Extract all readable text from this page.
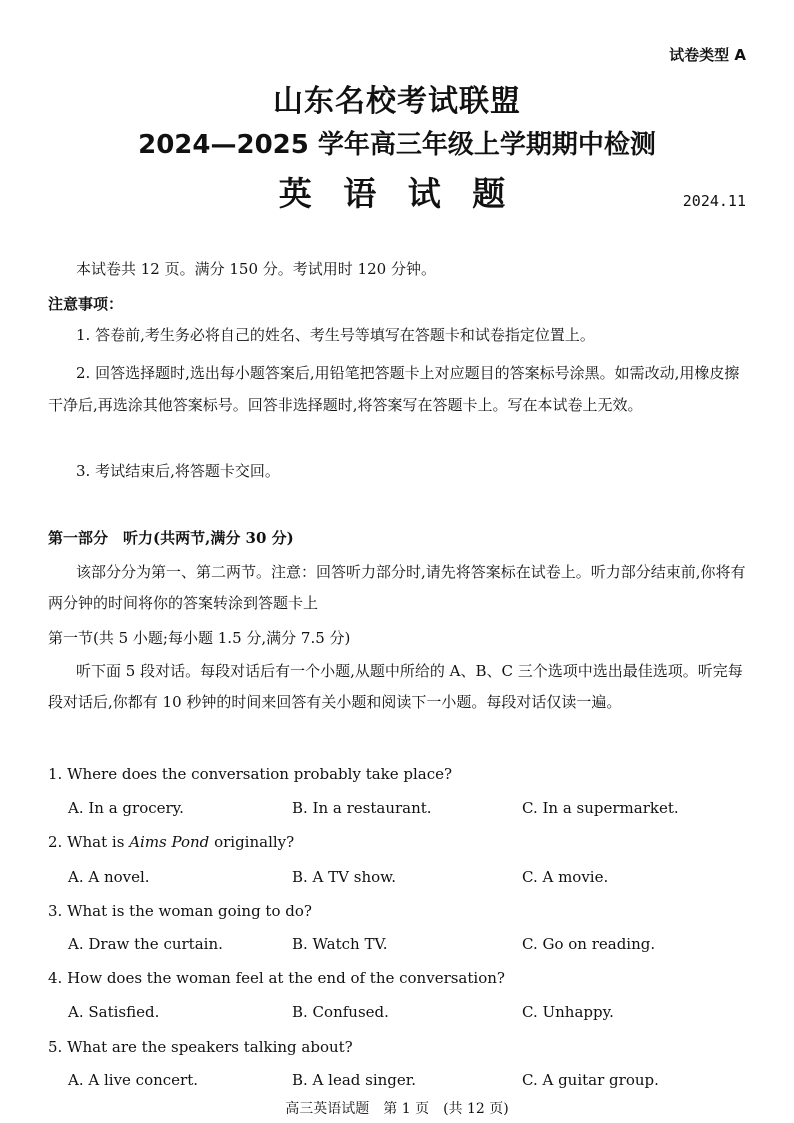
试卷类型 A
山东名校考试联盟
2024—2025 学年高三年级上学期期中检测
英 语 试 题	2024.11
本试卷共 12 页。满分 150 分。考试用时 120 分钟。
注意事项：
1. 答卷前,考生务必将自己的姓名、考生号等填写在答题卡和试卷指定位置上。
2. 回答选择题时,选出每小题答案后,用铅笔把答题卡上对应题目的答案标号涂黑。如需改动,用橡皮擦干净后,再选涂其他答案标号。回答非选择题时,将答案写在答题卡上。写在本试卷上无效。
3. 考试结束后,将答题卡交回。
第一部分　听力(共两节,满分 30 分)
该部分分为第一、第二两节。注意：回答听力部分时,请先将答案标在试卷上。听力部分结束前,你将有两分钟的时间将你的答案转涂到答题卡上
第一节(共 5 小题;每小题 1.5 分,满分 7.5 分)
听下面 5 段对话。每段对话后有一个小题,从题中所给的 A、B、C 三个选项中选出最佳选项。听完每段对话后,你都有 10 秒钟的时间来回答有关小题和阅读下一小题。每段对话仅读一遍。
1. Where does the conversation probably take place?
A. In a grocery.	B. In a restaurant.	C. In a supermarket.
2. What is Aims Pond originally?
A. A novel.	B. A TV show.	C. A movie.
3. What is the woman going to do?
A. Draw the curtain.	B. Watch TV.	C. Go on reading.
4. How does the woman feel at the end of the conversation?
A. Satisfied.	B. Confused.	C. Unhappy.
5. What are the speakers talking about?
A. A live concert.	B. A lead singer.	C. A guitar group.
高三英语试题　第 1 页　(共 12 页)
